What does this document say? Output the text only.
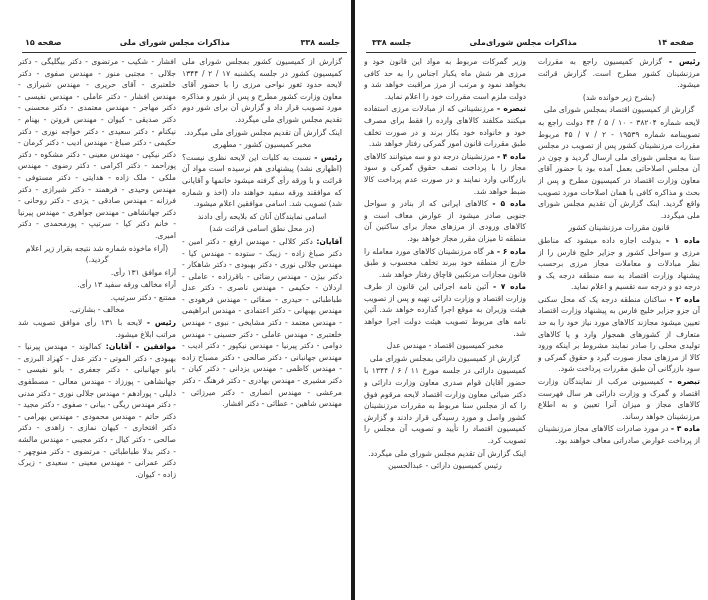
جلسه ۳۳۸
مذاکرات مجلس شورای ملی
صفحه ۱۵

گزارش از کمیسیون کشور بمجلس شورای ملی کمیسیون کشور در جلسه یکشنبه ۱۷ / ۲ / ۱۳۴۴ لایحه حدود ثغور نواحی مرزی را با حضور آقای معاون وزارت کشور مطرح و پس از شور و مذاکره مورد تصویب قرار داد و گزارش آن برای شور دوم تقدیم مجلس شورای ملی میگردد.

اینک گزارش آن تقدیم مجلس شورای ملی میگردد.

مخبر کمیسیون کشور - مطهری

رئیس - نسبت به کلیات این لایحه نظری نیست؟ (اظهاری نشد) پیشنهادی هم نرسیده است مواد آن قرائت و با ورقه رأی گرفته میشود خانمها و آقایانی که موافقند ورقه سفید خواهند داد (اخذ و شماره شد) تصویب شد. اسامی موافقین اعلام میشود.

اسامی نمایندگان آنان که بلایحه رأی دادند

(در محل نطق اسامی قرائت شد)

آقایان: دکتر کلالی - مهندس ارفع - دکتر امین - دکتر صباغ زاده - زیبک - ستوده - مهندس کیا - مهندس جلالی نوری - دکتر بهبودی - دکتر شاهکار - دکتر بیژن - مهندس رضائی - باقرزاده - عاملی - اردلان - حکیمی - مهندس ناصری - دکتر عدل طباطبائی - حیدری - صفائی - مهندس فرهودی - مهندس بهبهانی - دکتر اعتمادی - مهندس ابراهیمی - مهندس معتمد - دکتر مشایخی - نبوی - مهندس خلعتبری - مهندس عاملی - دکتر حسینی - مهندس دوامی - دکتر پیرنیا - مهندس نیکپور - دکتر ادیب - مهندس جهانبانی - دکتر صالحی - دکتر مصباح زاده - مهندس کاظمی - مهندس یزدانی - دکتر کیان - دکتر مشیری - مهندس بهادری - دکتر فرهنگ - دکتر مرعشی - مهندس انصاری - دکتر میرزائی - مهندس شاهین - عطائی - دکتر افشار.

افشار - شکیب - مرتضوی - دکتر بیگلیگی - دکتر جلالی - مجتبی منور - مهندس صفوی - دکتر خلعتبری - آقای حریری - مهندس شیرازی - مهندس افشار - دکتر عاملی - مهندس نفیسی - دکتر مهاجر - مهندس معتمدی - دکتر محسنی - دکتر صدیقی - کیوان - مهندس فروتن - بهنام - نیکنام - دکتر سعیدی - دکتر خواجه نوری - دکتر حکیمی - دکتر صباغ - مهندس ادیب - دکتر کرمان - دکتر نیکپی - مهندس معینی - دکتر مشکوه - دکتر پوراحمد - دکتر اکرامی - دکتر رضوی - مهندس ملکی - ملک زاده - هدایتی - دکتر مستوفی - مهندس وحیدی - فرهمند - دکتر شیرازی - دکتر فرزانه - مهندس صادقی - یزدی - دکتر روحانی - دکتر جهانشاهی - مهندس جواهری - مهندس پیرنیا - خانم دکتر کیا - سرتیپ - پورمحمدی - دکتر امیری.

(آراء ماخوذه شماره شد نتیجه بقرار زیر اعلام گردید.)

آراء موافق ۱۳۱ رأی.

آراء مخالف ورقه سفید ۱۳ رأی.

ممتنع - دکتر سرتیپ.

مخالف - بشارتی.

رئیس - لایحه با ۱۳۱ رأی موافق تصویب شد مراتب ابلاغ میشود.

موافقین - آقایان: کمالوند - مهندس پیرنیا - بهبودی - دکتر الموتی - دکتر عدل - کهزاد البرزی - بانو جهانبانی - دکتر جعفری - بانو نفیسی - جهانشاهی - پورزاد - مهندس معالی - مصطفوی دلیلی - پورادهم - مهندس جلالی نوری - دکتر مدنی - دکتر مهندس ریگی - بیانی - صفوی - دکتر مجید - دکتر حاتم - مهندس محمودی - مهندس بهرامی - دکتر افتخاری - کیهان نمازی - زاهدی - دکتر صالحی - دکتر کیال - دکتر مجیبی - مهندس مالشه - دکتر بدلا طباطبائی - مرتضوی - دکتر منوچهر - دکتر عمرانی - مهندس معینی - سعیدی - زیرک زاده - کیوان.

جلسه ۳۳۸	مذاکرات مجلس شورای‌ملی	صفحه ۱۴

رئیس - گزارش کمیسیون راجع به مقررات مرزنشینان کشور مطرح است. گزارش قرائت میشود.

(بشرح زیر خوانده شد)

گزارش از کمیسیون اقتصاد بمجلس شورای ملی

لایحه شماره ۳۸۲۰۴ - ۱۰ / ۵ / ۴۴ دولت راجع به تصویبنامه شماره ۱۹۵۳۹ - ۲ / ۷ / ۴۵ مربوط مقررات مرزنشینان کشور پس از تصویب در مجلس سنا به مجلس شورای ملی ارسال گردید و چون در آن مجلس اصلاحاتی بعمل آمده بود با حضور آقای معاون وزارت اقتصاد در کمیسیون مطرح و پس از بحث و مذاکره کافی با همان اصلاحات مورد تصویب واقع گردید. اینک گزارش آن تقدیم مجلس شورای ملی میگردد.

قانون مقررات مرزنشینان کشور

ماده ۱ - بدولت اجازه داده میشود که مناطق مرزی و سواحل کشور و جزایر خلیج فارس را از نظر مبادلات و معاملات مجاز مرزی برحسب پیشنهاد وزارت اقتصاد به سه منطقه درجه یک و درجه دو و درجه سه تقسیم و اعلام نماید.

ماده ۲ - ساکنان منطقه درجه یک که محل سکنی آن جزو جزایر خلیج فارس به پیشنهاد وزارت اقتصاد تعیین میشود مجازند کالاهای مورد نیاز خود را به حد متعارف از کشورهای همجوار وارد و یا کالاهای تولیدی محلی را صادر نمایند مشروط بر اینکه ورود کالا از مرزهای مجاز صورت گیرد و حقوق گمرکی و سود بازرگانی آن طبق مقررات پرداخت شود.

تبصره - کمیسیونی مرکب از نمایندگان وزارت اقتصاد و گمرک و وزارت دارائی هر سال فهرست کالاهای مجاز و میزان آنرا تعیین و به اطلاع مرزنشینان خواهد رساند.

ماده ۳ - در مورد صادرات کالاهای مجاز مرزنشینان از پرداخت عوارض صادراتی معاف خواهند بود.

وزیر گمرکات مربوط به مواد این قانون خود و مرزی هر شش ماه یکبار اجناس را به حد کافی بخواهد نمود و مرتب از مرز مراقبت خواهد شد و دولت ملزم است مقررات خود را اعلام نماید.

تبصره - مرزنشینانی که از مبادلات مرزی استفاده میکنند مکلفند کالاهای وارده را فقط برای مصرف خود و خانواده خود بکار برند و در صورت تخلف طبق مقررات قانون امور گمرکی رفتار خواهد شد.

ماده ۴ - مرزنشینان درجه دو و سه میتوانند کالاهای مجاز را با پرداخت نصف حقوق گمرکی و سود بازرگانی وارد نمایند و در صورت عدم پرداخت کالا ضبط خواهد شد.

ماده ۵ - کالاهای ایرانی که از بنادر و سواحل جنوبی صادر میشود از عوارض معاف است و کالاهای ورودی از مرزهای مجاز برای ساکنین آن منطقه تا میزان مقرر مجاز خواهد بود.

ماده ۶ - هر گاه مرزنشینان کالاهای مورد معامله را خارج از منطقه خود ببرند تخلف محسوب و طبق قانون مجازات مرتکبین قاچاق رفتار خواهد شد.

ماده ۷ - آئین نامه اجرائی این قانون از طرف وزارت اقتصاد و وزارت دارائی تهیه و پس از تصویب هیئت وزیران به موقع اجرا گذارده خواهد شد. آئین نامه های مربوط تصویب هیئت دولت اجرا خواهد شد.

مخبر کمیسیون اقتصاد - مهندس عدل

گزارش از کمیسیون دارائی بمجلس شورای ملی

کمیسیون دارائی در جلسه مورخ ۱۱ / ۶ / ۱۳۴۴ با حضور آقایان قوام صدری معاون وزارت دارائی و دکتر ضیائی معاون وزارت اقتصاد لایحه مرقوم فوق را که از مجلس سنا مربوط به مقررات مرزنشینان کشور واصل و مورد رسیدگی قرار دادند و گزارش کمیسیون اقتصاد را تأیید و تصویب آن مجلس را تصویب کرد.

اینک گزارش آن تقدیم مجلس شورای ملی میگردد.

رئیس کمیسیون دارائی - عبدالحسین
